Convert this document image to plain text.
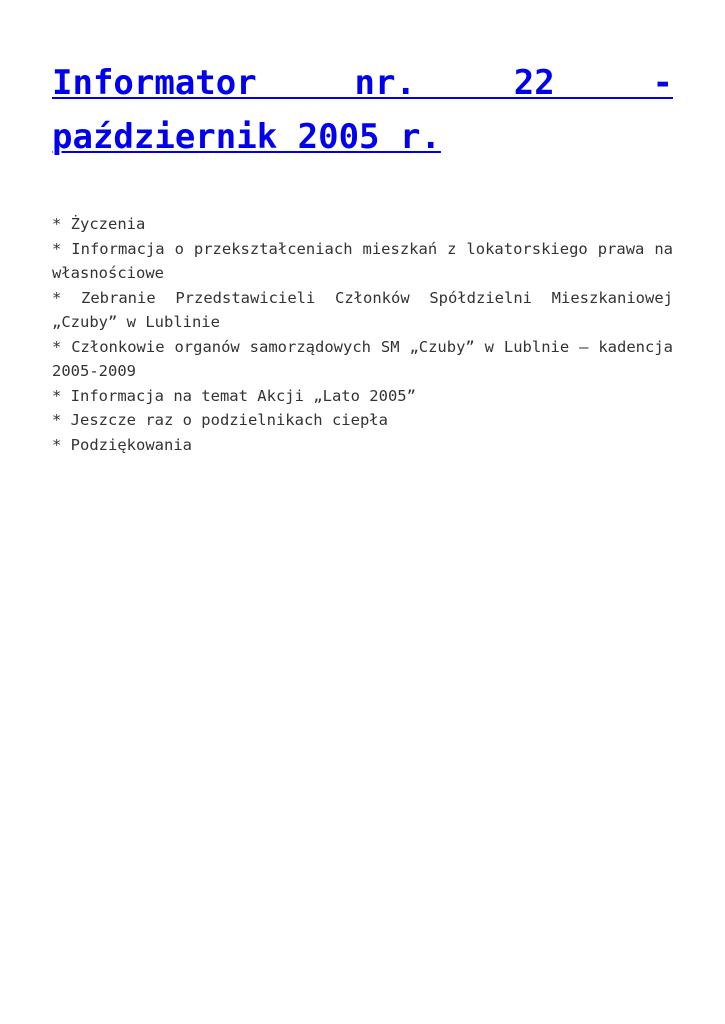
Informator nr. 22 - październik 2005 r.

* Życzenia

* Informacja o przekształceniach mieszkań z lokatorskiego prawa na własnościowe

* Zebranie Przedstawicieli Członków Spółdzielni Mieszkaniowej „Czuby” w Lublinie

* Członkowie organów samorządowych SM „Czuby” w Lublnie – kadencja 2005-2009

* Informacja na temat Akcji „Lato 2005”

* Jeszcze raz o podzielnikach ciepła

* Podziękowania
